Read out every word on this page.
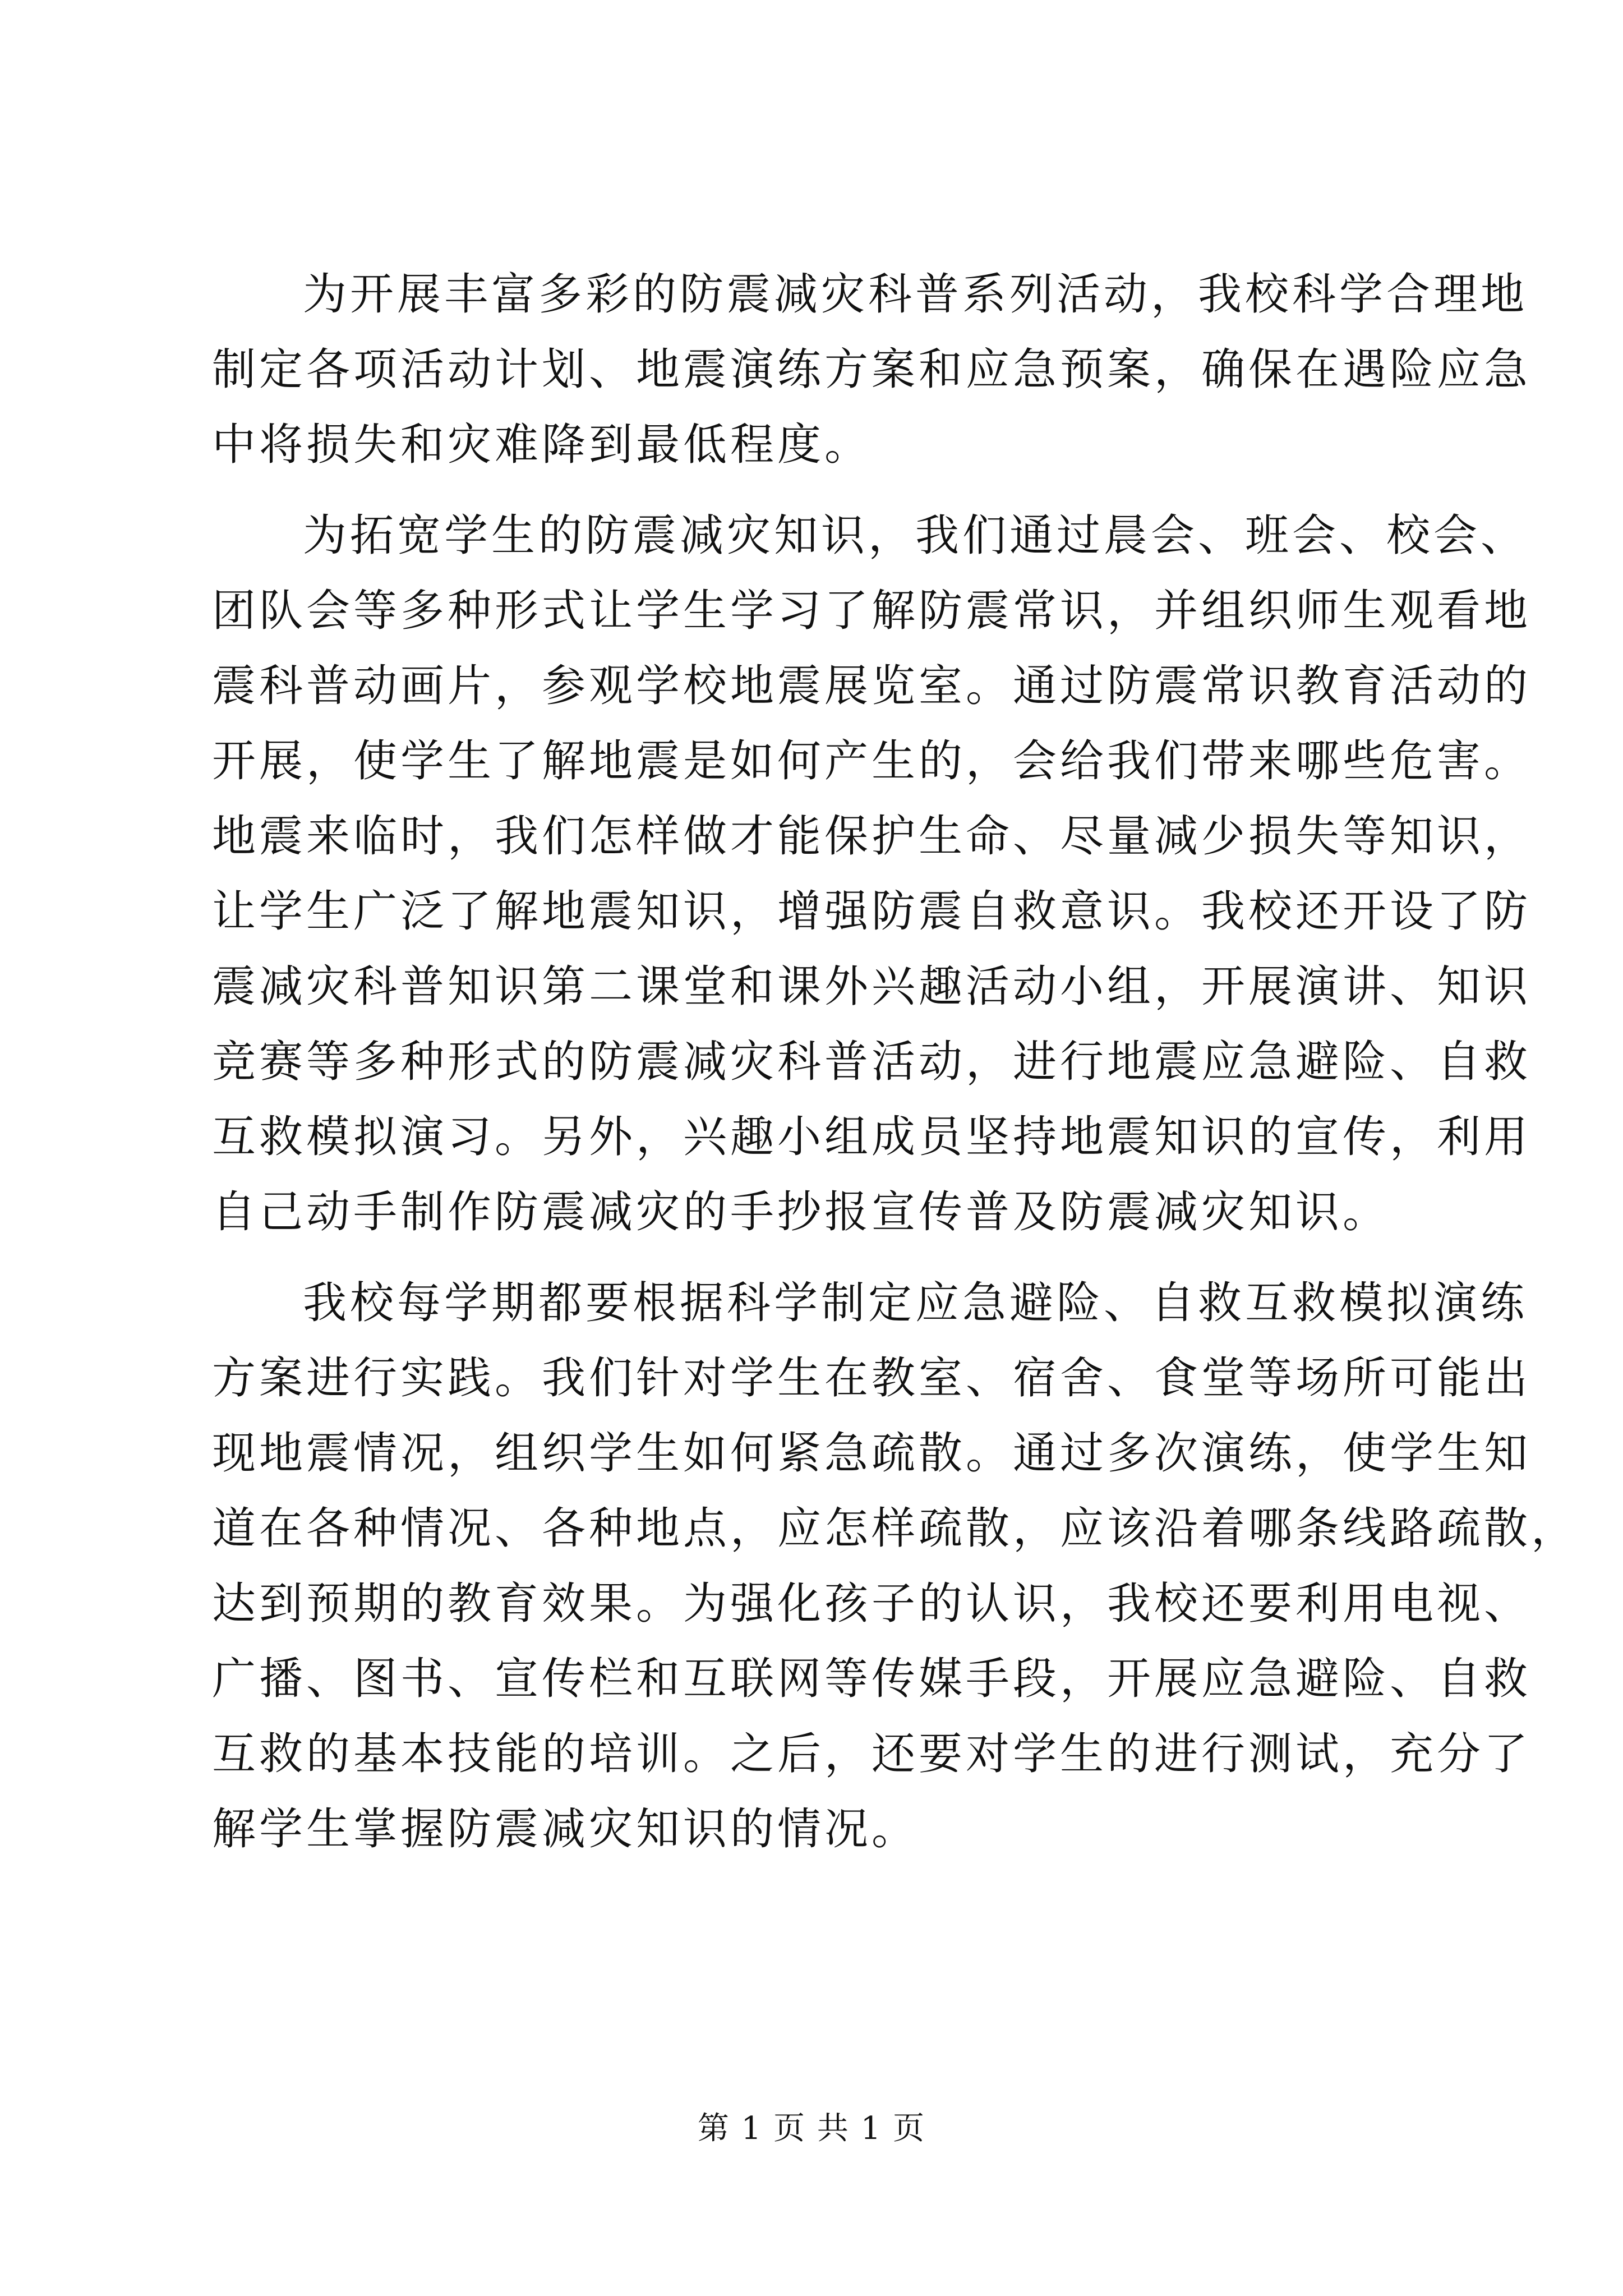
为开展丰富多彩的防震减灾科普系列活动，我校科学合理地
制定各项活动计划、地震演练方案和应急预案，确保在遇险应急
中将损失和灾难降到最低程度。

为拓宽学生的防震减灾知识，我们通过晨会、班会、校会、
团队会等多种形式让学生学习了解防震常识，并组织师生观看地
震科普动画片，参观学校地震展览室。通过防震常识教育活动的
开展，使学生了解地震是如何产生的，会给我们带来哪些危害。
地震来临时，我们怎样做才能保护生命、尽量减少损失等知识，
让学生广泛了解地震知识，增强防震自救意识。我校还开设了防
震减灾科普知识第二课堂和课外兴趣活动小组，开展演讲、知识
竞赛等多种形式的防震减灾科普活动，进行地震应急避险、自救
互救模拟演习。另外，兴趣小组成员坚持地震知识的宣传，利用
自己动手制作防震减灾的手抄报宣传普及防震减灾知识。

我校每学期都要根据科学制定应急避险、自救互救模拟演练
方案进行实践。我们针对学生在教室、宿舍、食堂等场所可能出
现地震情况，组织学生如何紧急疏散。通过多次演练，使学生知
道在各种情况、各种地点，应怎样疏散，应该沿着哪条线路疏散，
达到预期的教育效果。为强化孩子的认识，我校还要利用电视、
广播、图书、宣传栏和互联网等传媒手段，开展应急避险、自救
互救的基本技能的培训。之后，还要对学生的进行测试，充分了
解学生掌握防震减灾知识的情况。

第 1 页 共 1 页
